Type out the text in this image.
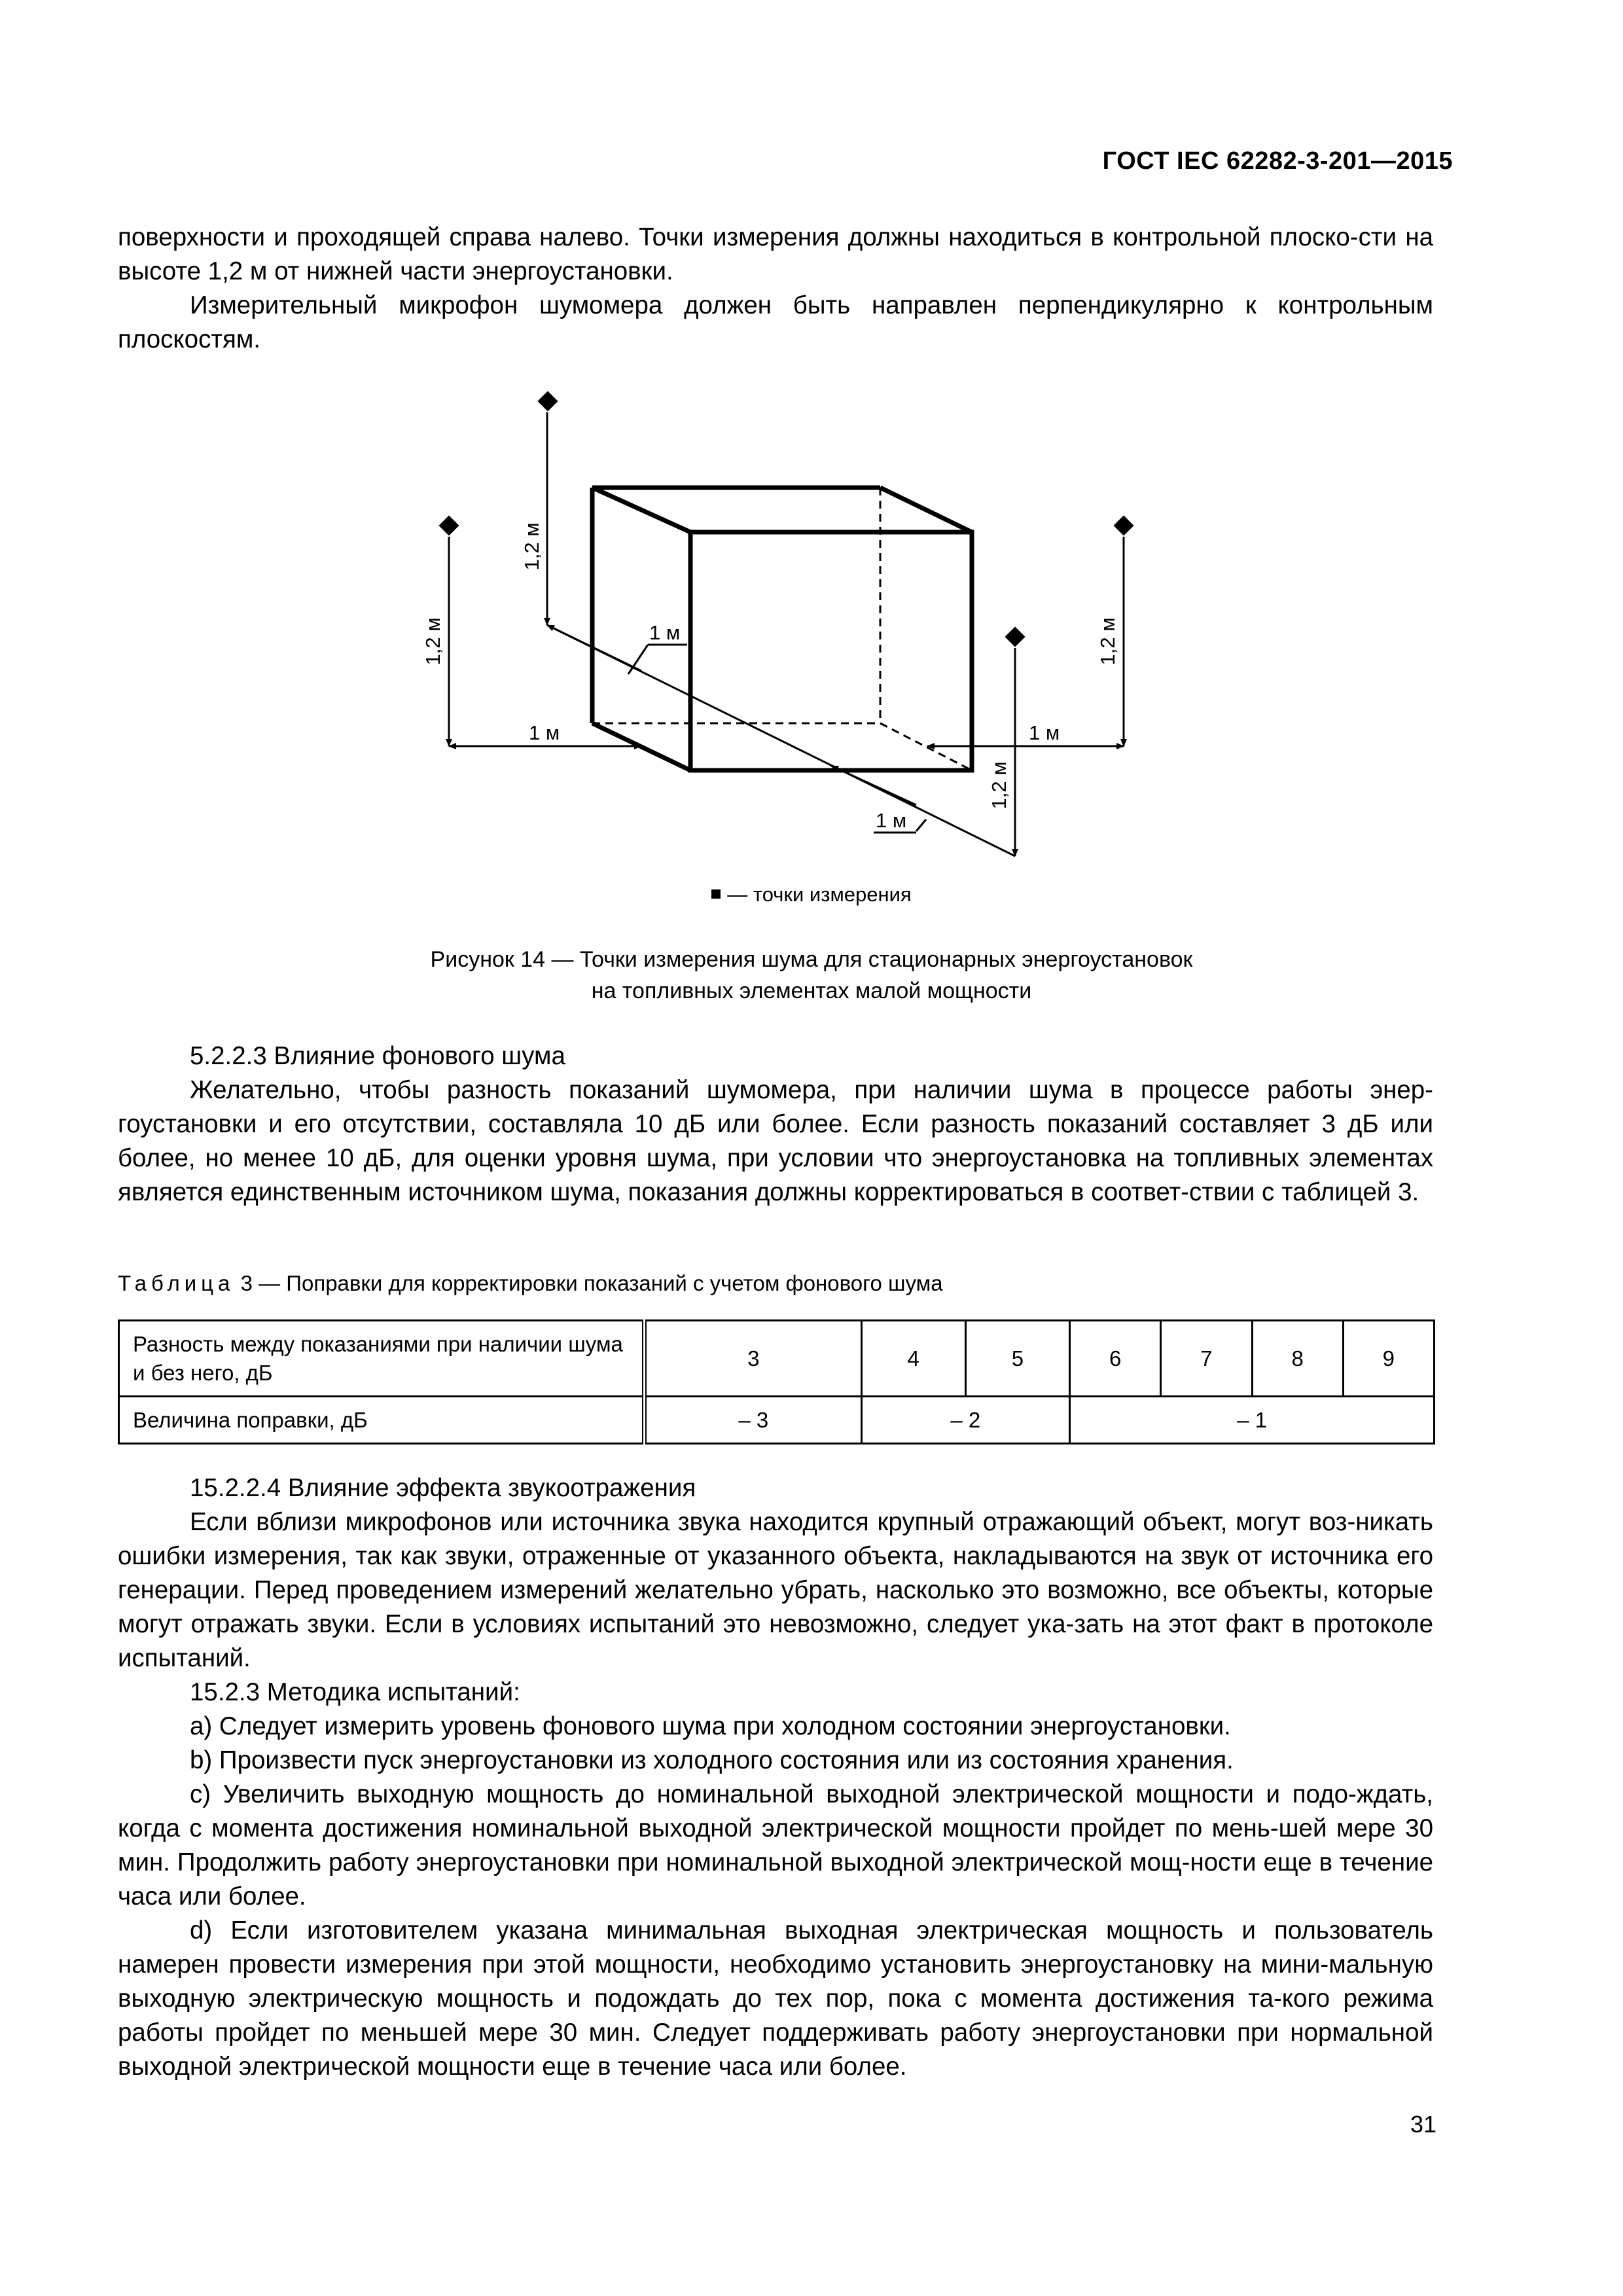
ГОСТ IEC 62282-3-201—2015

поверхности и проходящей справа налево. Точки измерения должны находиться в контрольной плоско-сти на высоте 1,2 м от нижней части энергоустановки.

Измерительный микрофон шумомера должен быть направлен перпендикулярно к контрольным плоскостям.

1,2 м
1,2 м	1,2 м
1,2 м
1 м	1 м
1 м
1 м
— точки измерения
Рисунок 14 — Точки измерения шума для стационарных энергоустановок
на топливных элементах малой мощности

5.2.2.3 Влияние фонового шума

Желательно, чтобы разность показаний шумомера, при наличии шума в процессе работы энер-гоустановки и его отсутствии, составляла 10 дБ или более. Если разность показаний составляет 3 дБ или более, но менее 10 дБ, для оценки уровня шума, при условии что энергоустановка на топливных элементах является единственным источником шума, показания должны корректироваться в соответ-ствии с таблицей 3.

Таблица 3 — Поправки для корректировки показаний с учетом фонового шума
Разность между показаниями при наличии шума и без него, дБ	3	4	5	6	7	8	9
Величина поправки, дБ	– 3	– 2		– 1			

15.2.2.4 Влияние эффекта звукоотражения

Если вблизи микрофонов или источника звука находится крупный отражающий объект, могут воз-никать ошибки измерения, так как звуки, отраженные от указанного объекта, накладываются на звук от источника его генерации. Перед проведением измерений желательно убрать, насколько это возможно, все объекты, которые могут отражать звуки. Если в условиях испытаний это невозможно, следует ука-зать на этот факт в протоколе испытаний.

15.2.3 Методика испытаний:

a) Следует измерить уровень фонового шума при холодном состоянии энергоустановки.

b) Произвести пуск энергоустановки из холодного состояния или из состояния хранения.

c) Увеличить выходную мощность до номинальной выходной электрической мощности и подо-ждать, когда с момента достижения номинальной выходной электрической мощности пройдет по мень-шей мере 30 мин. Продолжить работу энергоустановки при номинальной выходной электрической мощ-ности еще в течение часа или более.

d) Если изготовителем указана минимальная выходная электрическая мощность и пользователь намерен провести измерения при этой мощности, необходимо установить энергоустановку на мини-мальную выходную электрическую мощность и подождать до тех пор, пока с момента достижения та-кого режима работы пройдет по меньшей мере 30 мин. Следует поддерживать работу энергоустановки при нормальной выходной электрической мощности еще в течение часа или более.

31
